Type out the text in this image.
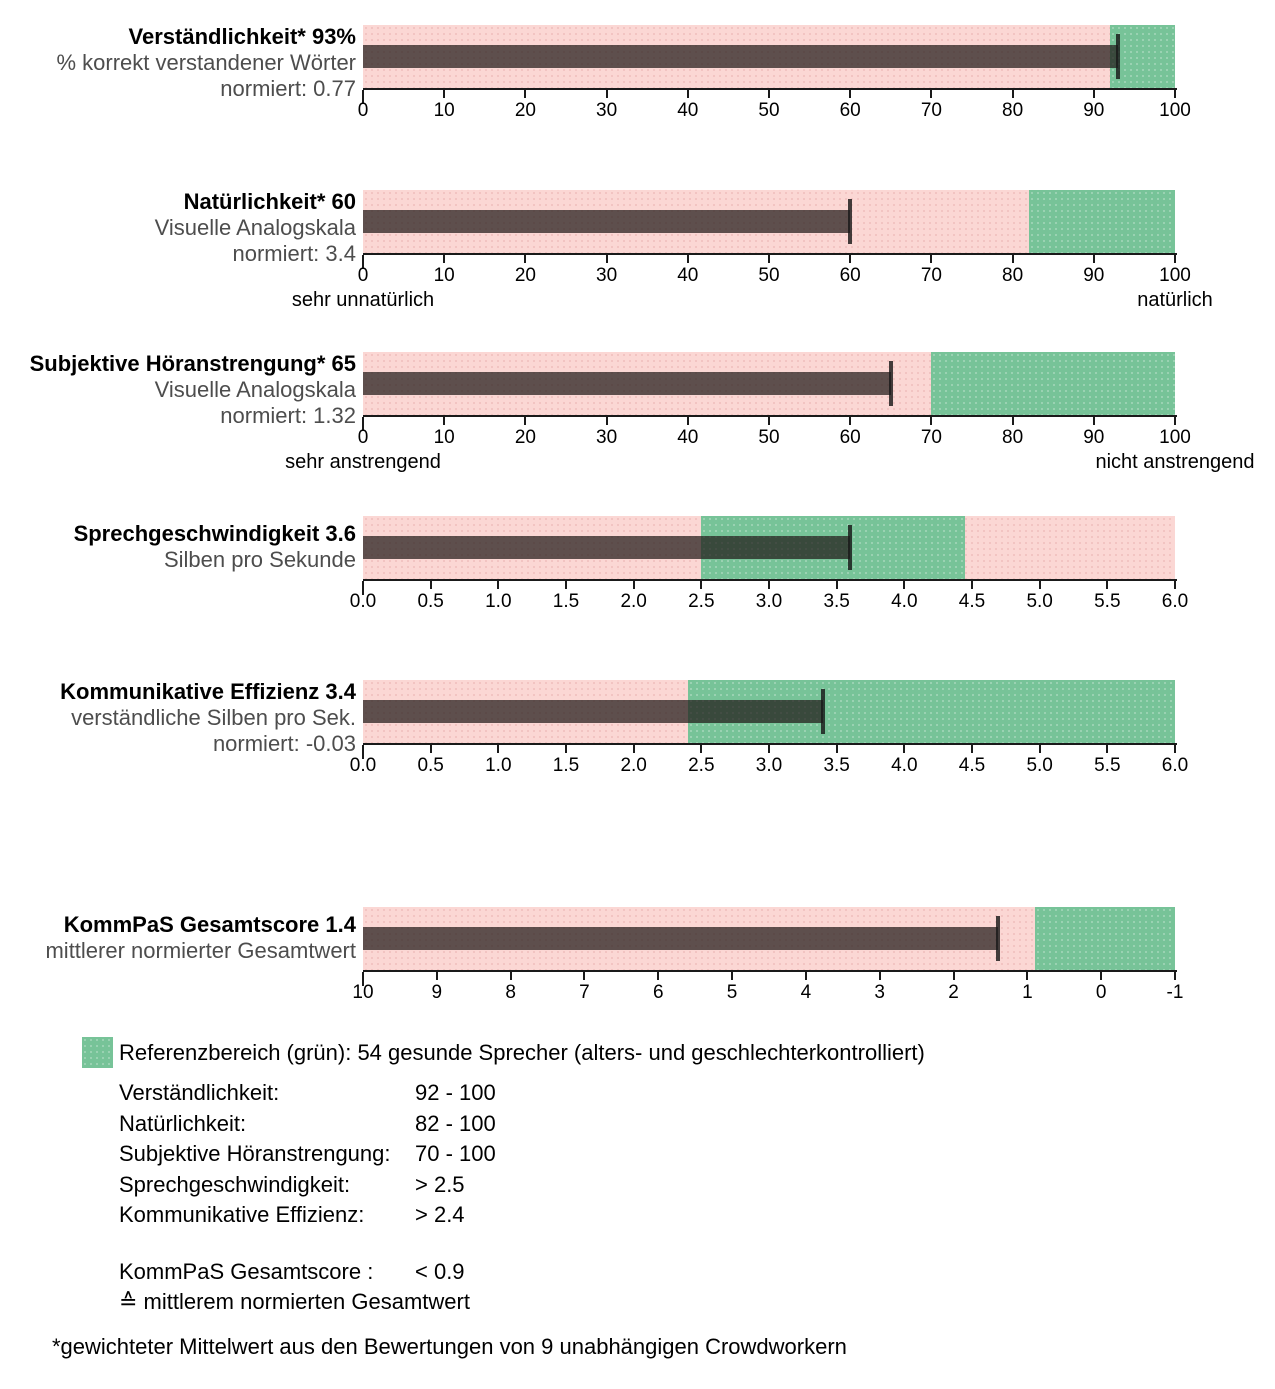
Verständlichkeit* 93%
% korrekt verstandener Wörter
normiert: 0.77
0	10	20	30	40	50	60	70	80	90	100
Natürlichkeit* 60
Visuelle Analogskala
normiert: 3.4
0	10	20	30	40	50	60	70	80	90	100
sehr unnatürlich	natürlich
Subjektive Höranstrengung* 65
Visuelle Analogskala
normiert: 1.32
0	10	20	30	40	50	60	70	80	90	100
sehr anstrengend	nicht anstrengend
Sprechgeschwindigkeit 3.6
Silben pro Sekunde
0.0 0.5 1.0 1.5 2.0 2.5 3.0 3.5 4.0 4.5 5.0 5.5 6.0
Kommunikative Effizienz 3.4
verständliche Silben pro Sek.
normiert: -0.03
0.0 0.5 1.0 1.5 2.0 2.5 3.0 3.5 4.0 4.5 5.0 5.5 6.0
KommPaS Gesamtscore 1.4
mittlerer normierter Gesamtwert
10	9	8	7	6	5	4	3	2	1	0	-1
Referenzbereich (grün): 54 gesunde Sprecher (alters- und geschlechterkontrolliert)
Verständlichkeit:	92 - 100
Natürlichkeit:	82 - 100
Subjektive Höranstrengung: 70 - 100
Sprechgeschwindigkeit:	> 2.5
Kommunikative Effizienz: > 2.4
KommPaS Gesamtscore : < 0.9
≙ mittlerem normierten Gesamtwert
*gewichteter Mittelwert aus den Bewertungen von 9 unabhängigen Crowdworkern
